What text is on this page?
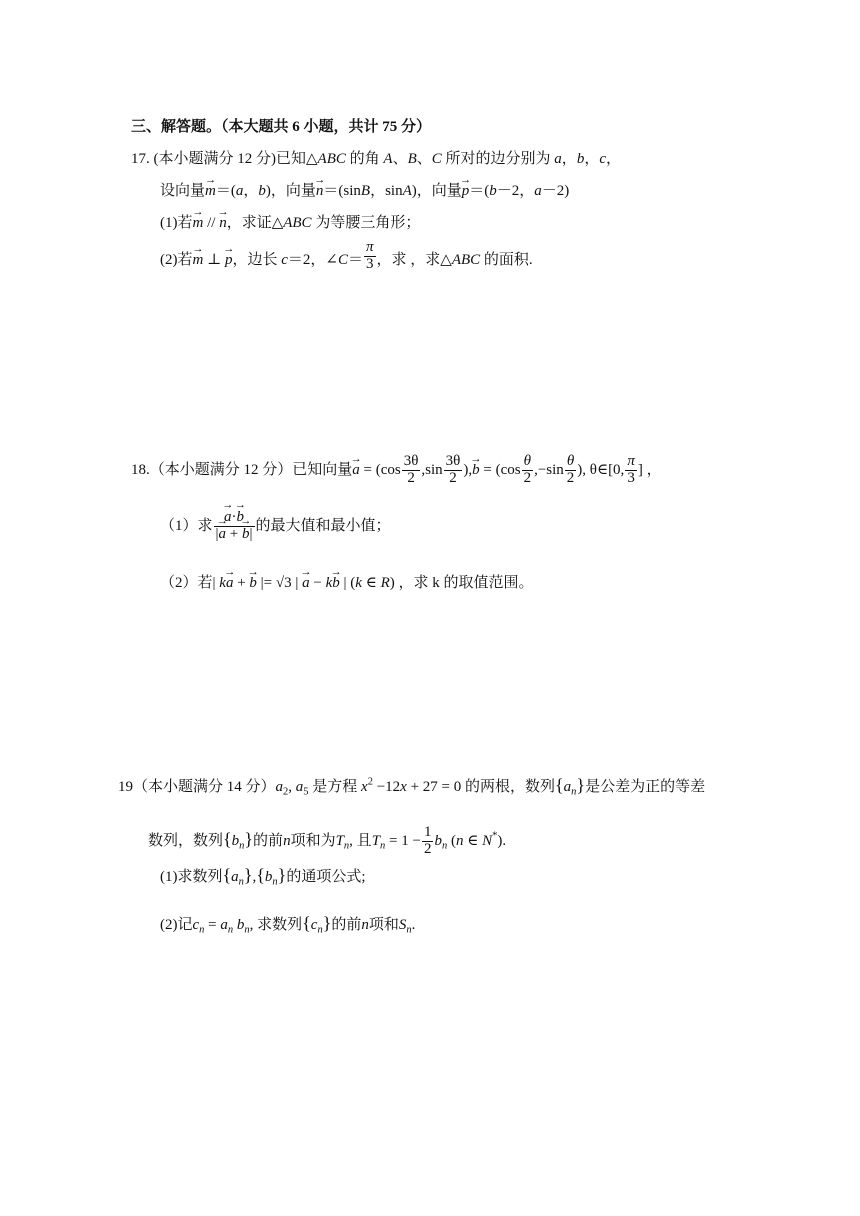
三、解答题。（本大题共 6 小题，共计 75 分）
17. (本小题满分 12 分)已知△ABC 的角 A、B、C 所对的边分别为 a，b，c，
设向量→ m＝(a，b)，向量→ n＝(sinB，sinA)，向量→ p＝(b－2，a－2)
(1)若→ m // → n，求证△ABC 为等腰三角形；
(2)若→ m ⊥ → p，边长 c＝2，∠C＝ $\frac{\pi}{3}$ ，求 ，求△ABC 的面积.
18.（本小题满分 12 分）已知向量→ $a = (\cos \frac{3\theta}{2} ,\sin \frac{3\theta}{2}$ ),→ $b = (\cos \frac{\theta}{2} ,-\sin \frac{\theta}{2}$ ), θ∈[0, $\frac{\pi}{3}$ ] ，
（1）求
→ $\frac{a\cdot\to b}{|\to a + \to b|}$ 的最大值和最小值；
（2）若| k→ a + → b |= √3 | → a − k→ b | (k ∈ R) ，求 k 的取值范围。
19（本小题满分 14 分）$a_2$, $a_5$ 是方程 $x^2 -12x + 27 = 0$ 的两根，数列$\{a_n\}$是公差为正的等差
数列，数列$\{b_n\}$的前n项和为$T_n$, 且$T_n = 1 - \frac{1}{2} b_n$ (n ∈ N*).
(1)求数列$\{a_n\},\{b_n\}$的通项公式;
(2)记$c_n = a_n$ $b_n$, 求数列$\{c_n\}$的前n项和$S_n$.
